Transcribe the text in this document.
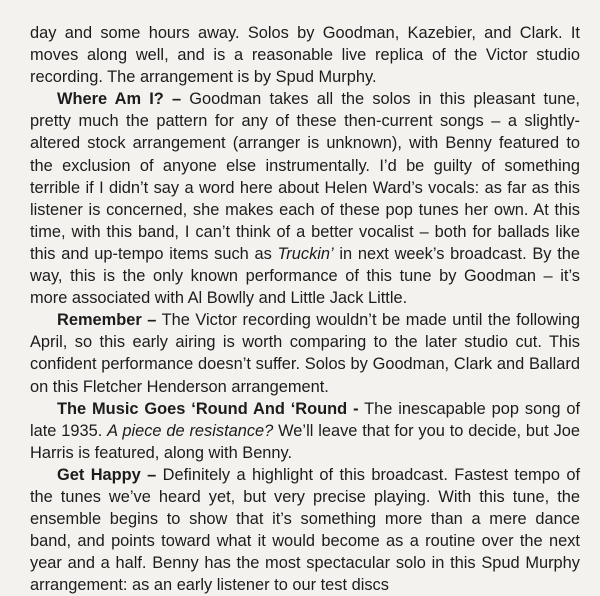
day and some hours away. Solos by Goodman, Kazebier, and Clark. It moves along well, and is a reasonable live replica of the Victor studio recording. The arrangement is by Spud Murphy.

Where Am I? – Goodman takes all the solos in this pleasant tune, pretty much the pattern for any of these then-current songs – a slightly-altered stock arrangement (arranger is unknown), with Benny featured to the exclusion of anyone else instrumentally. I’d be guilty of something terrible if I didn’t say a word here about Helen Ward’s vocals: as far as this listener is concerned, she makes each of these pop tunes her own. At this time, with this band, I can’t think of a better vocalist – both for ballads like this and up-tempo items such as Truckin’ in next week’s broadcast. By the way, this is the only known performance of this tune by Goodman – it’s more associated with Al Bowlly and Little Jack Little.

Remember – The Victor recording wouldn’t be made until the following April, so this early airing is worth comparing to the later studio cut. This confident performance doesn’t suffer. Solos by Goodman, Clark and Ballard on this Fletcher Henderson arrangement.

The Music Goes ‘Round And ‘Round - The inescapable pop song of late 1935. A piece de resistance? We’ll leave that for you to decide, but Joe Harris is featured, along with Benny.

Get Happy – Definitely a highlight of this broadcast. Fastest tempo of the tunes we’ve heard yet, but very precise playing. With this tune, the ensemble begins to show that it’s something more than a mere dance band, and points toward what it would become as a routine over the next year and a half. Benny has the most spectacular solo in this Spud Murphy arrangement: as an early listener to our test discs
